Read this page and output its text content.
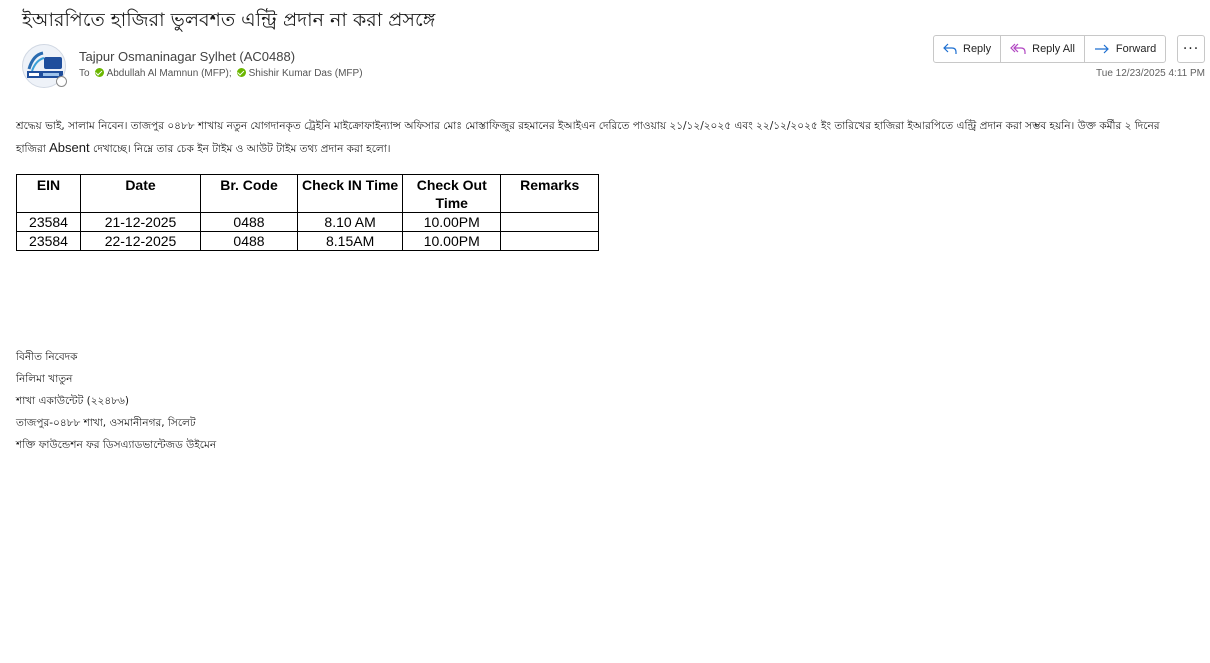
ইআরপিতে হাজিরা ভুলবশত এন্ট্রি প্রদান না করা প্রসঙ্গে
Tajpur Osmaninagar Sylhet (AC0488)
To Abdullah Al Mamnun (MFP); Shishir Kumar Das (MFP)
Reply	Reply All	Forward ···
Tue 12/23/2025 4:11 PM
শ্রদ্ধেয় ভাই, সালাম নিবেন। তাজপুর ০৪৮৮ শাখায় নতুন যোগদানকৃত ট্রেইনি মাইক্রোফাইন্যান্স অফিসার মোঃ মোস্তাফিজুর রহমানের ইআইএন দেরিতে পাওয়ায় ২১/১২/২০২৫ এবং ২২/১২/২০২৫ ইং তারিখের হাজিরা ইআরপিতে এন্ট্রি প্রদান করা সম্ভব হয়নি। উক্ত কর্মীর ২ দিনের
হাজিরা Absent দেখাচ্ছে। নিম্নে তার চেক ইন টাইম ও আউট টাইম তথ্য প্রদান করা হলো।
EIN	Date	Br. Code	Check IN Time	Check Out Time	Remarks
23584	21-12-2025	0488	8.10 AM	10.00PM	
23584	22-12-2025	0488	8.15AM	10.00PM	
বিনীত নিবেদক
নিলিমা খাতুন
শাখা একাউন্টেট (২২৪৮৬)
তাজপুর-০৪৮৮ শাখা, ওসমানীনগর, সিলেট
শক্তি ফাউন্ডেশন ফর ডিসএ্যাডভান্টেজড উইমেন
